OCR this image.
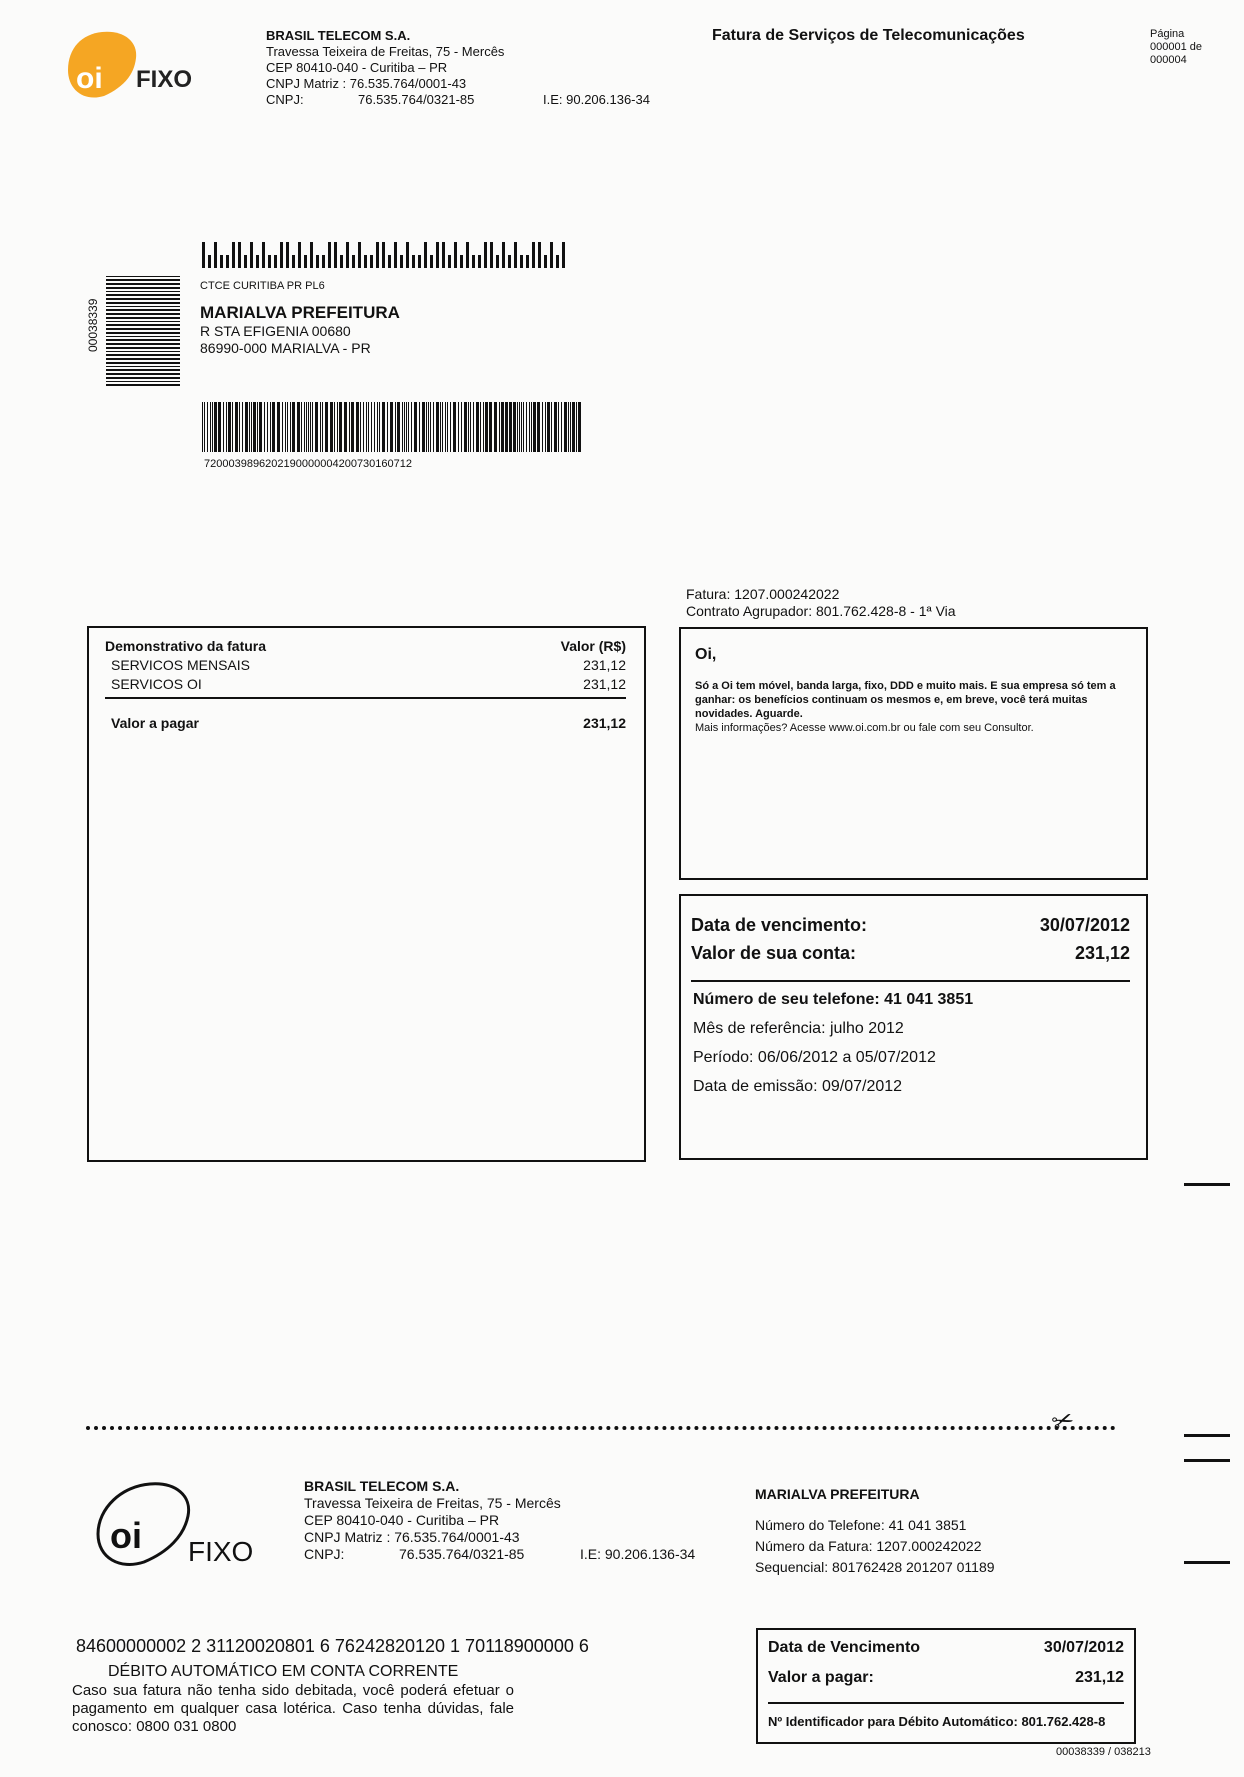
oi FIXO
BRASIL TELECOM S.A.
Travessa Teixeira de Freitas, 75 - Mercês
CEP 80410-040 - Curitiba – PR
CNPJ Matriz : 76.535.764/0001-43
CNPJ:	76.535.764/0321-85	I.E: 90.206.136-34
Fatura de Serviços de Telecomunicações	Página
000001 de
000004
00038339
CTCE CURITIBA PR PL6
MARIALVA PREFEITURA
R STA EFIGENIA 00680
86990-000 MARIALVA - PR
72000398962021900000042007301607‌12
Fatura: 1207.000242022
Contrato Agrupador: 801.762.428-8 - 1ª Via
Demonstrativo da fatura	Valor (R$)
SERVICOS MENSAIS	231,12
SERVICOS OI	231,12
Valor a pagar	231,12
Oi,
Só a Oi tem móvel, banda larga, fixo, DDD e muito mais. E sua empresa só tem a ganhar: os benefícios continuam os mesmos e, em breve, você terá muitas novidades. Aguarde.
Mais informações? Acesse www.oi.com.br ou fale com seu Consultor.
Data de vencimento:	30/07/2012
Valor de sua conta:	231,12
Número de seu telefone: 41 041 3851
Mês de referência: julho 2012
Período: 06/06/2012 a 05/07/2012
Data de emissão: 09/07/2012
✂
oi FIXO
BRASIL TELECOM S.A.
Travessa Teixeira de Freitas, 75 - Mercês
CEP 80410-040 - Curitiba – PR
CNPJ Matriz : 76.535.764/0001-43
CNPJ:	76.535.764/0321-85	I.E: 90.206.136-34
MARIALVA PREFEITURA
Número do Telefone: 41 041 3851
Número da Fatura: 1207.000242022
Sequencial: 801762428 201207 01189
84600000002 2 31120020801 6 76242820120 1 70118900000 6
DÉBITO AUTOMÁTICO EM CONTA CORRENTE
Caso sua fatura não tenha sido debitada, você poderá efetuar o pagamento em qualquer casa lotérica. Caso tenha dúvidas, fale conosco: 0800 031 0800
Data de Vencimento	30/07/2012
Valor a pagar:	231,12
Nº Identificador para Débito Automático: 801.762.428-8
00038339 / 038213
